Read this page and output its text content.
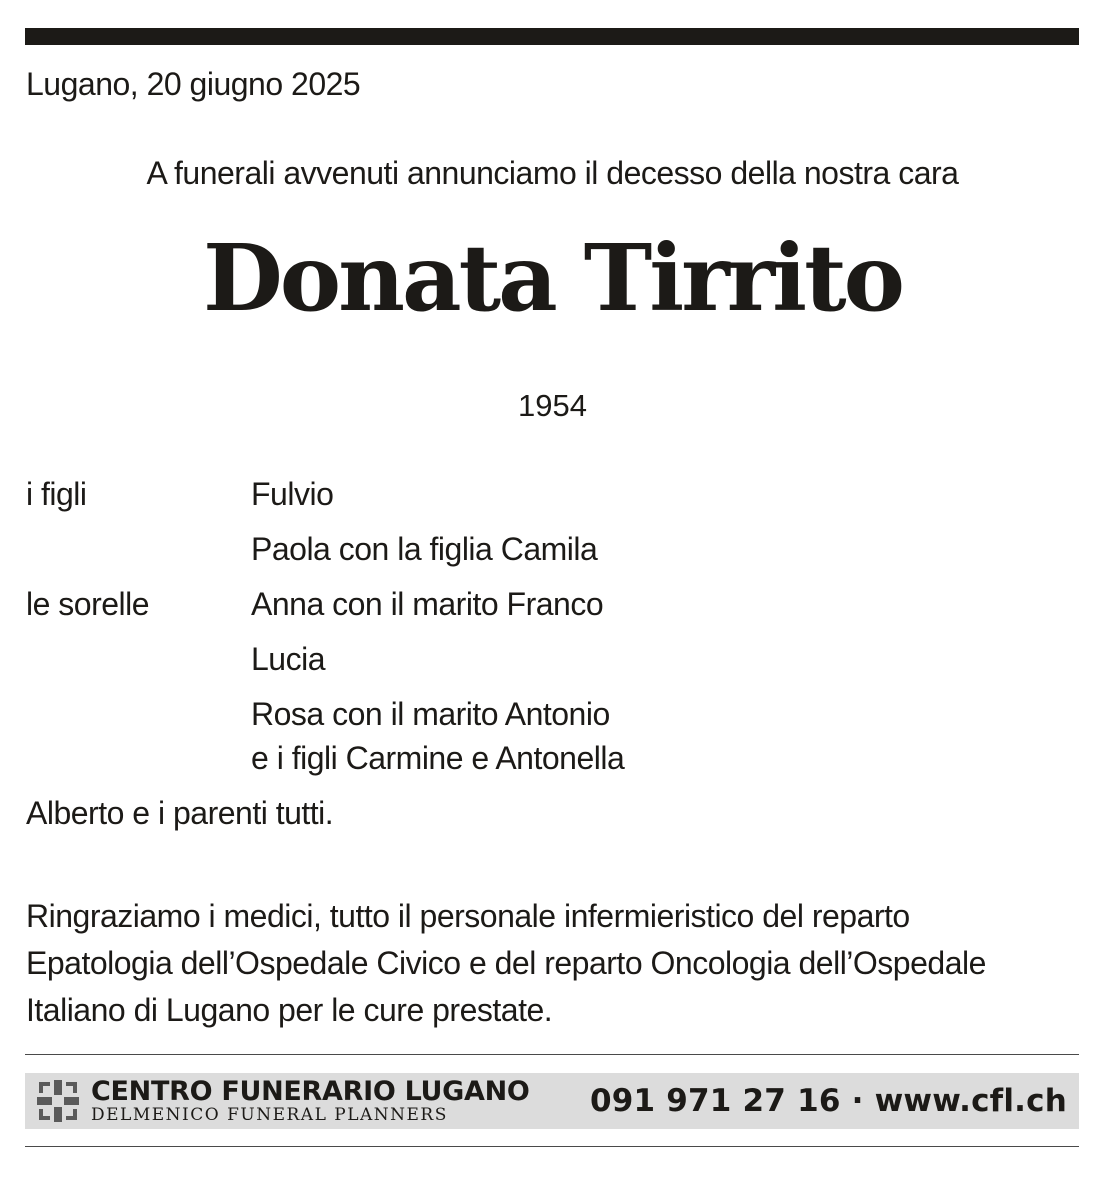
Lugano, 20 giugno 2025
A funerali avvenuti annunciamo il decesso della nostra cara
Donata Tirrito
1954
i figli	Fulvio
Paola con la figlia Camila
le sorelle	Anna con il marito Franco
Lucia
Rosa con il marito Antonio
e i figli Carmine e Antonella
Alberto e i parenti tutti.
Ringraziamo i medici, tutto il personale infermieristico del reparto
Epatologia dell’Ospedale Civico e del reparto Oncologia dell’Ospedale
Italiano di Lugano per le cure prestate.
CENTRO FUNERARIO LUGANO
DELMENICO FUNERAL PLANNERS	091 971 27 16 · www.cfl.ch
